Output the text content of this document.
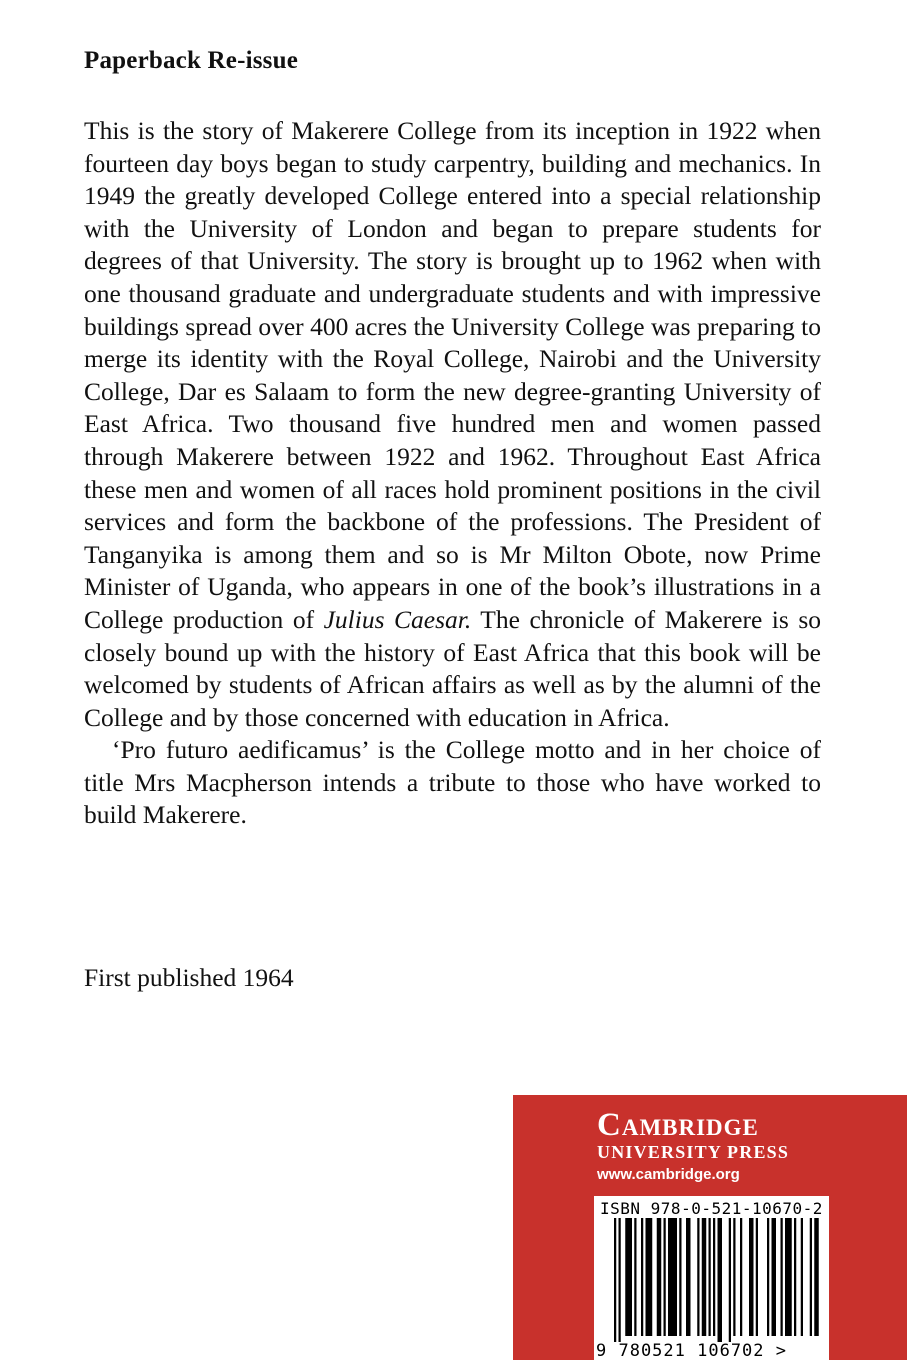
Paperback Re-issue

This is the story of Makerere College from its inception in 1922 when fourteen day boys began to study carpentry, building and mechanics. In 1949 the greatly developed College entered into a special relationship with the University of London and began to prepare students for degrees of that University. The story is brought up to 1962 when with one thousand graduate and undergraduate students and with impressive buildings spread over 400 acres the University College was preparing to merge its identity with the Royal College, Nairobi and the University College, Dar es Salaam to form the new degree-granting University of East Africa. Two thousand five hundred men and women passed through Makerere between 1922 and 1962. Throughout East Africa these men and women of all races hold prominent positions in the civil services and form the backbone of the professions. The President of Tanganyika is among them and so is Mr Milton Obote, now Prime Minister of Uganda, who appears in one of the book’s illustrations in a College production of Julius Caesar. The chronicle of Makerere is so closely bound up with the history of East Africa that this book will be welcomed by students of African affairs as well as by the alumni of the College and by those concerned with education in Africa.

‘Pro futuro aedificamus’ is the College motto and in her choice of title Mrs Macpherson intends a tribute to those who have worked to build Makerere.

First published 1964
Cambridge
UNIVERSITY PRESS
www.cambridge.org
ISBN 978-0-521-10670-2
9 780521 106702 >
